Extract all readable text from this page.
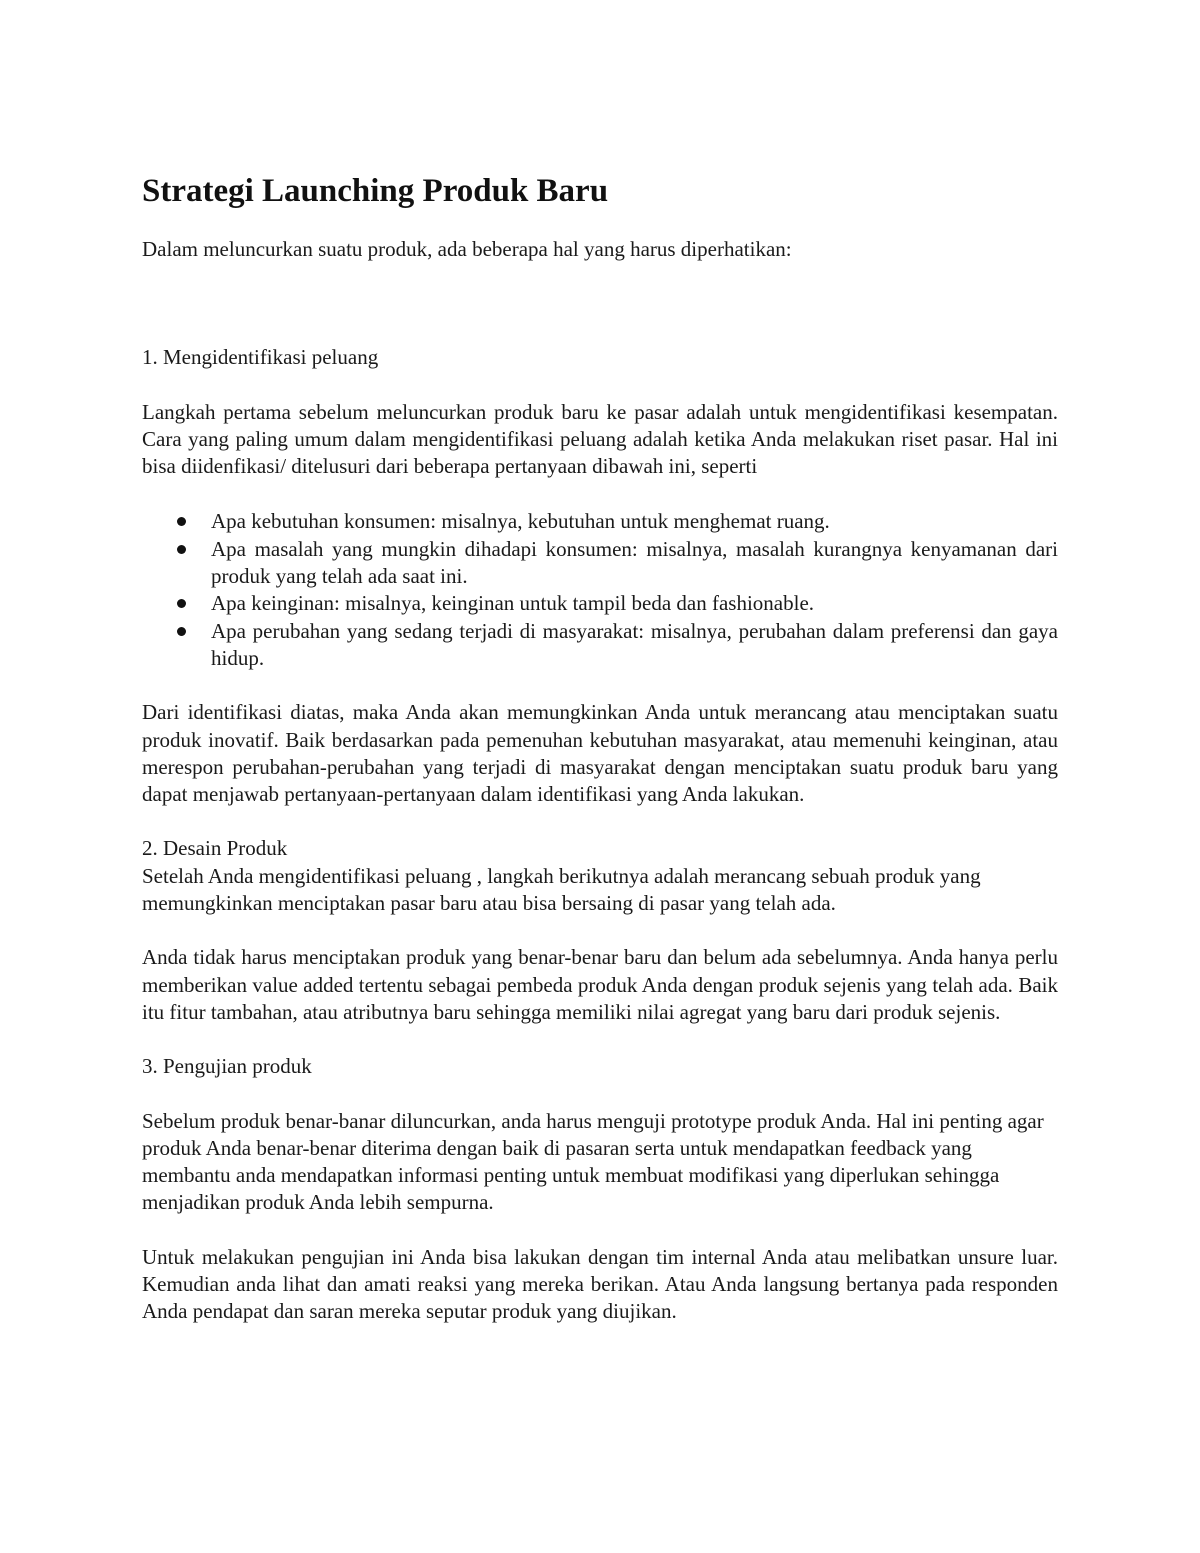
Strategi Launching Produk Baru

Dalam meluncurkan suatu produk, ada beberapa hal yang harus diperhatikan:

1. Mengidentifikasi peluang

Langkah pertama sebelum meluncurkan produk baru ke pasar adalah untuk mengidentifikasi kesempatan. Cara yang paling umum dalam mengidentifikasi peluang adalah ketika Anda melakukan riset pasar. Hal ini bisa diidenfikasi/ ditelusuri dari beberapa pertanyaan dibawah ini, seperti

Apa kebutuhan konsumen: misalnya, kebutuhan untuk menghemat ruang.
Apa masalah yang mungkin dihadapi konsumen: misalnya, masalah kurangnya kenyamanan dari produk yang telah ada saat ini.
Apa keinginan: misalnya, keinginan untuk tampil beda dan fashionable.
Apa perubahan yang sedang terjadi di masyarakat: misalnya, perubahan dalam preferensi dan gaya hidup.

Dari identifikasi diatas, maka Anda akan memungkinkan Anda untuk merancang atau menciptakan suatu produk inovatif. Baik berdasarkan pada pemenuhan kebutuhan masyarakat, atau memenuhi keinginan, atau merespon perubahan-perubahan yang terjadi di masyarakat dengan menciptakan suatu produk baru yang dapat menjawab pertanyaan-pertanyaan dalam identifikasi yang Anda lakukan.

2. Desain Produk

Setelah Anda mengidentifikasi peluang , langkah berikutnya adalah merancang sebuah produk yang memungkinkan menciptakan pasar baru atau bisa bersaing di pasar yang telah ada.

Anda tidak harus menciptakan produk yang benar-benar baru dan belum ada sebelumnya. Anda hanya perlu memberikan value added tertentu sebagai pembeda produk Anda dengan produk sejenis yang telah ada. Baik itu fitur tambahan, atau atributnya baru sehingga memiliki nilai agregat yang baru dari produk sejenis.

3. Pengujian produk

Sebelum produk benar-banar diluncurkan, anda harus menguji prototype produk Anda. Hal ini penting agar produk Anda benar-benar diterima dengan baik di pasaran serta untuk mendapatkan feedback yang membantu anda mendapatkan informasi penting untuk membuat modifikasi yang diperlukan sehingga menjadikan produk Anda lebih sempurna.

Untuk melakukan pengujian ini Anda bisa lakukan dengan tim internal Anda atau melibatkan unsure luar. Kemudian anda lihat dan amati reaksi yang mereka berikan. Atau Anda langsung bertanya pada responden Anda pendapat dan saran mereka seputar produk yang diujikan.
